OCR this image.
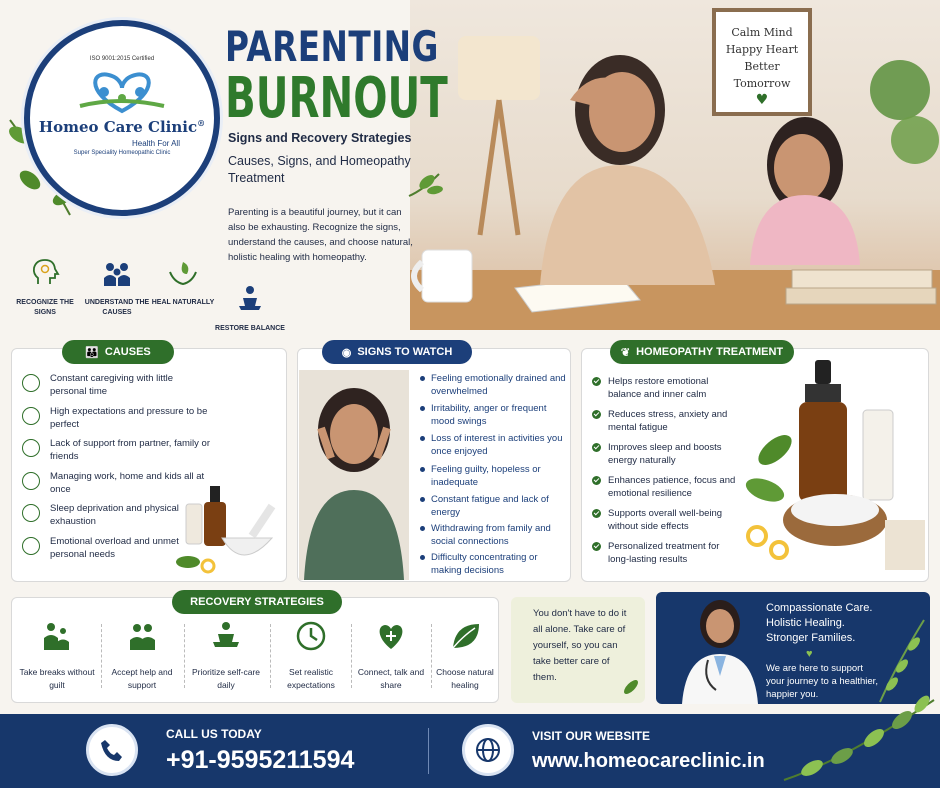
Calm Mind
Happy Heart
Better
Tomorrow
♥
ISO 9001:2015 Certified
Homeo Care Clinic®
Health For All
Super Speciality Homeopathic Clinic
PARENTING
BURNOUT
Signs and Recovery Strategies
Causes, Signs, and Homeopathy Treatment
Parenting is a beautiful journey, but it can also be exhausting. Recognize the signs, understand the causes, and choose natural, holistic healing with homeopathy.
RECOGNIZE THE SIGNS
UNDERSTAND THE CAUSES
HEAL NATURALLY
RESTORE BALANCE
👪 CAUSES
Constant caregiving with little personal time
High expectations and pressure to be perfect
Lack of support from partner, family or friends
Managing work, home and kids all at once
Sleep deprivation and physical exhaustion
Emotional overload and unmet personal needs
◉ SIGNS TO WATCH
Feeling emotionally drained and overwhelmed
Irritability, anger or frequent mood swings
Loss of interest in activities you once enjoyed
Feeling guilty, hopeless or inadequate
Constant fatigue and lack of energy
Withdrawing from family and social connections
Difficulty concentrating or making decisions
❦ HOMEOPATHY TREATMENT
Helps restore emotional balance and inner calm
Reduces stress, anxiety and mental fatigue
Improves sleep and boosts energy naturally
Enhances patience, focus and emotional resilience
Supports overall well-being without side effects
Personalized treatment for long-lasting results
RECOVERY STRATEGIES
Take breaks without guilt
Accept help and support
Prioritize self-care daily
Set realistic expectations
Connect, talk and share
Choose natural healing
You don't have to do it all alone. Take care of yourself, so you can take better care of them.
Compassionate Care.
Holistic Healing.
Stronger Families.
♥
We are here to support your journey to a healthier, happier you.
CALL US TODAY
+91-9595211594
VISIT OUR WEBSITE
www.homeocareclinic.in
